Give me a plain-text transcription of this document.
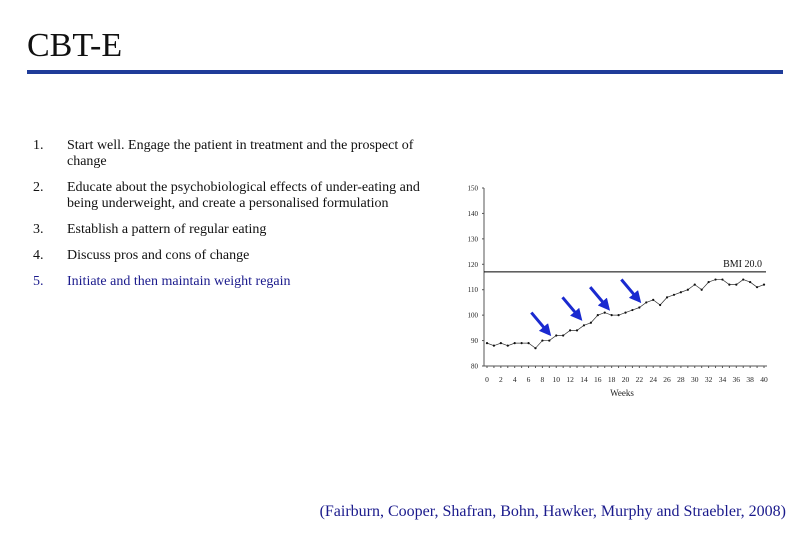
CBT-E
1.	Start well. Engage the patient in treatment and the prospect of change
2.	Educate about the psychobiological effects of under-eating and being underweight, and create a personalised formulation
3.	Establish a pattern of regular eating
4.	Discuss pros and cons of change
5.	Initiate and then maintain weight regain
80
90
100
110
120
130
140
150
0 2 4 6 8 10 12 14 16 18 20 22 24 26 28 30 32 34 36 38 40
Weeks
BMI 20.0
(Fairburn, Cooper, Shafran, Bohn, Hawker, Murphy and Straebler, 2008)
